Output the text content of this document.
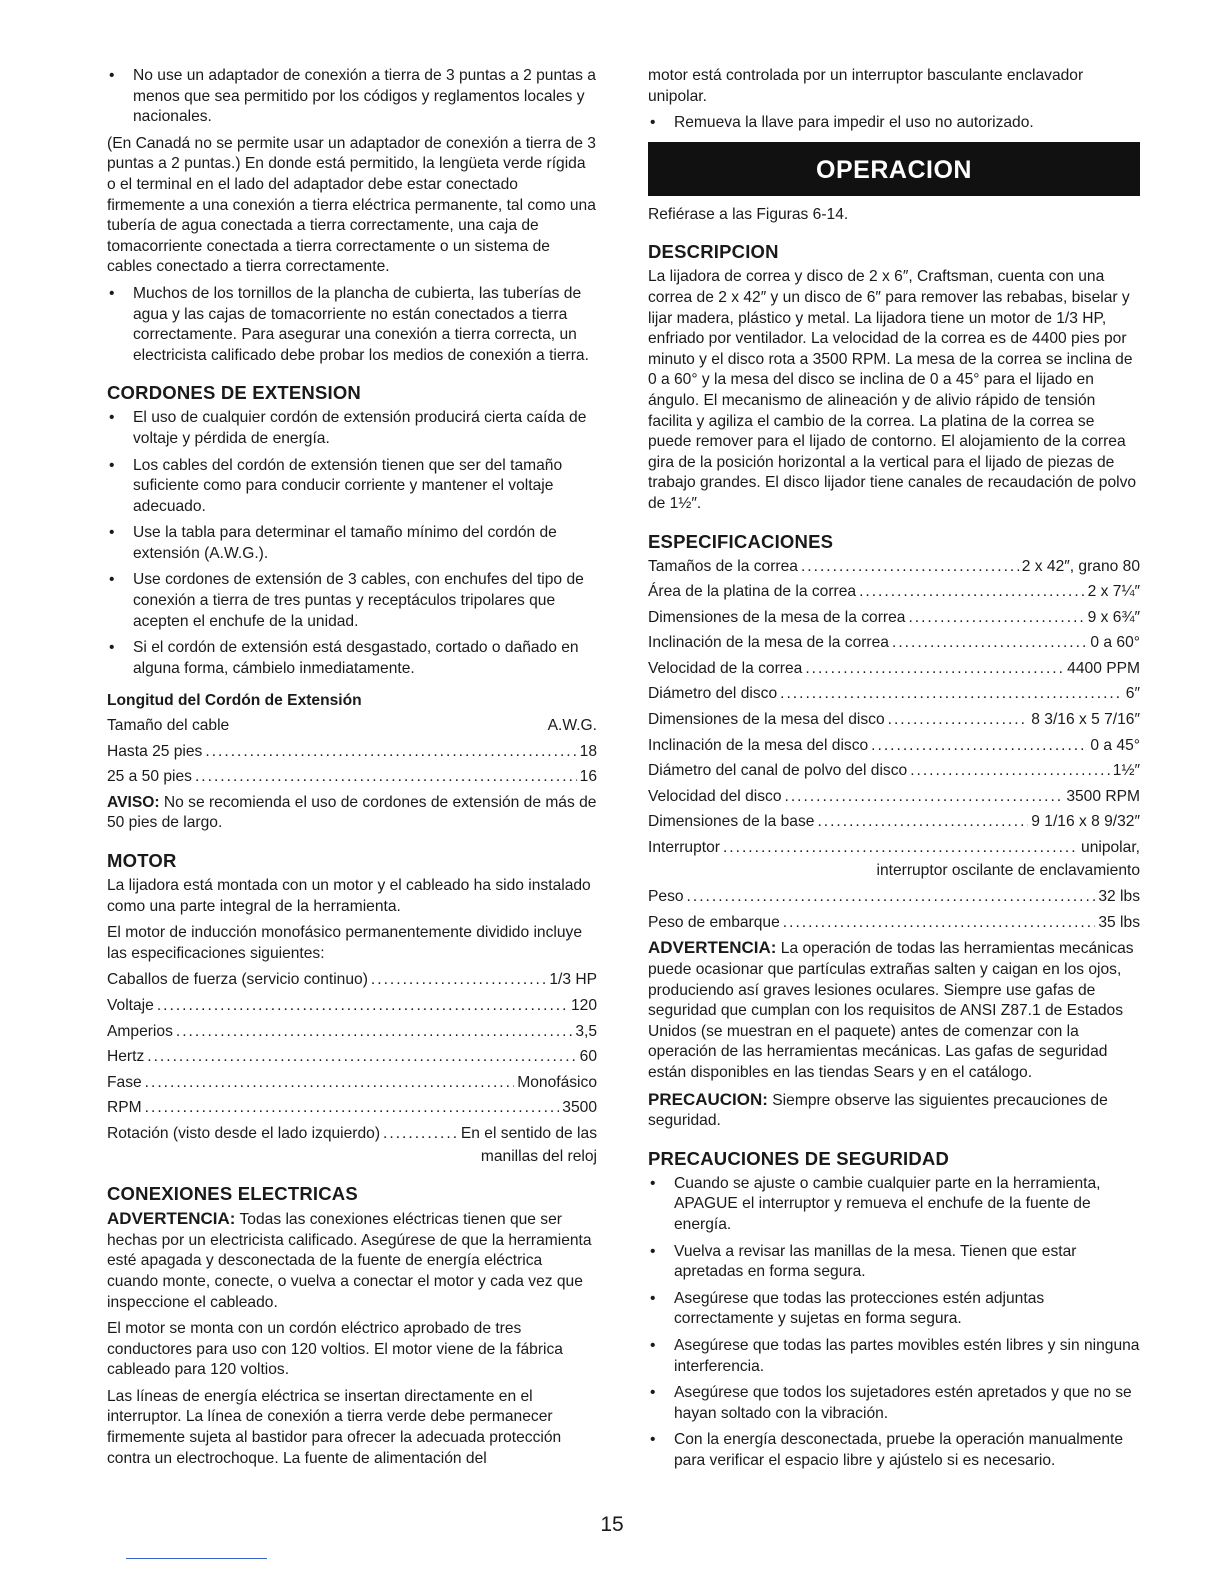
• No use un adaptador de conexión a tierra de 3 puntas a 2 puntas a menos que sea permitido por los códigos y reglamentos locales y nacionales.

(En Canadá no se permite usar un adaptador de conexión a tierra de 3 puntas a 2 puntas.) En donde está permitido, la lengüeta verde rígida o el terminal en el lado del adaptador debe estar conectado firmemente a una conexión a tierra eléctrica permanente, tal como una tubería de agua conectada a tierra correctamente, una caja de tomacorriente conectada a tierra correctamente o un sistema de cables conectado a tierra correctamente.

• Muchos de los tornillos de la plancha de cubierta, las tuberías de agua y las cajas de tomacorriente no están conectados a tierra correctamente. Para asegurar una conexión a tierra correcta, un electricista calificado debe probar los medios de conexión a tierra.
CORDONES DE EXTENSION
• El uso de cualquier cordón de extensión producirá cierta caída de voltaje y pérdida de energía.
• Los cables del cordón de extensión tienen que ser del tamaño suficiente como para conducir corriente y mantener el voltaje adecuado.
• Use la tabla para determinar el tamaño mínimo del cordón de extensión (A.W.G.).
• Use cordones de extensión de 3 cables, con enchufes del tipo de conexión a tierra de tres puntas y receptáculos tripolares que acepten el enchufe de la unidad.
• Si el cordón de extensión está desgastado, cortado o dañado en alguna forma, cámbielo inmediatamente.
Longitud del Cordón de Extensión
Tamaño del cable	A.W.G.
Hasta 25 pies .....	18
25 a 50 pies .....	16

AVISO: No se recomienda el uso de cordones de extensión de más de 50 pies de largo.

MOTOR

La lijadora está montada con un motor y el cableado ha sido instalado como una parte integral de la herramienta.

El motor de inducción monofásico permanentemente dividido incluye las especificaciones siguientes:

Caballos de fuerza (servicio continuo) .....	1/3 HP
Voltaje .....	120
Amperios .....	3,5
Hertz .....	60
Fase .....	Monofásico
RPM .....	3500
Rotación (visto desde el lado izquierdo) .....	En el sentido de las
manillas del reloj
CONEXIONES ELECTRICAS

ADVERTENCIA: Todas las conexiones eléctricas tienen que ser hechas por un electricista calificado. Asegúrese de que la herramienta esté apagada y desconectada de la fuente de energía eléctrica cuando monte, conecte, o vuelva a conectar el motor y cada vez que inspeccione el cableado.

El motor se monta con un cordón eléctrico aprobado de tres conductores para uso con 120 voltios. El motor viene de la fábrica cableado para 120 voltios.

Las líneas de energía eléctrica se insertan directamente en el interruptor. La línea de conexión a tierra verde debe permanecer firmemente sujeta al bastidor para ofrecer la adecuada protección contra un electrochoque. La fuente de alimentación del

motor está controlada por un interruptor basculante enclavador unipolar.

• Remueva la llave para impedir el uso no autorizado.
OPERACION

Refiérase a las Figuras 6-14.

DESCRIPCION

La lijadora de correa y disco de 2 x 6″, Craftsman, cuenta con una correa de 2 x 42″ y un disco de 6″ para remover las rebabas, biselar y lijar madera, plástico y metal. La lijadora tiene un motor de 1/3 HP, enfriado por ventilador. La velocidad de la correa es de 4400 pies por minuto y el disco rota a 3500 RPM. La mesa de la correa se inclina de 0 a 60° y la mesa del disco se inclina de 0 a 45° para el lijado en ángulo. El mecanismo de alineación y de alivio rápido de tensión facilita y agiliza el cambio de la correa. La platina de la correa se puede remover para el lijado de contorno. El alojamiento de la correa gira de la posición horizontal a la vertical para el lijado de piezas de trabajo grandes. El disco lijador tiene canales de recaudación de polvo de 1½″.

ESPECIFICACIONES
Tamaños de la correa .....	2 x 42″, grano 80
Área de la platina de la correa .....	2 x 7¼″
Dimensiones de la mesa de la correa .....	9 x 6¾″
Inclinación de la mesa de la correa .....	0 a 60°
Velocidad de la correa .....	4400 PPM
Diámetro del disco .....	6″
Dimensiones de la mesa del disco .....	8 3/16 x 5 7/16″
Inclinación de la mesa del disco .....	0 a 45°
Diámetro del canal de polvo del disco .....	1½″
Velocidad del disco .....	3500 RPM
Dimensiones de la base .....	9 1/16 x 8 9/32″
Interruptor .....	unipolar,
interruptor oscilante de enclavamiento
Peso .....	32 lbs
Peso de embarque .....	35 lbs

ADVERTENCIA: La operación de todas las herramientas mecánicas puede ocasionar que partículas extrañas salten y caigan en los ojos, produciendo así graves lesiones oculares. Siempre use gafas de seguridad que cumplan con los requisitos de ANSI Z87.1 de Estados Unidos (se muestran en el paquete) antes de comenzar con la operación de las herramientas mecánicas. Las gafas de seguridad están disponibles en las tiendas Sears y en el catálogo.

PRECAUCION: Siempre observe las siguientes precauciones de seguridad.

PRECAUCIONES DE SEGURIDAD
• Cuando se ajuste o cambie cualquier parte en la herramienta, APAGUE el interruptor y remueva el enchufe de la fuente de energía.
• Vuelva a revisar las manillas de la mesa. Tienen que estar apretadas en forma segura.
• Asegúrese que todas las protecciones estén adjuntas correctamente y sujetas en forma segura.
• Asegúrese que todas las partes movibles estén libres y sin ninguna interferencia.
• Asegúrese que todos los sujetadores estén apretados y que no se hayan soltado con la vibración.
• Con la energía desconectada, pruebe la operación manualmente para verificar el espacio libre y ajústelo si es necesario.
15
